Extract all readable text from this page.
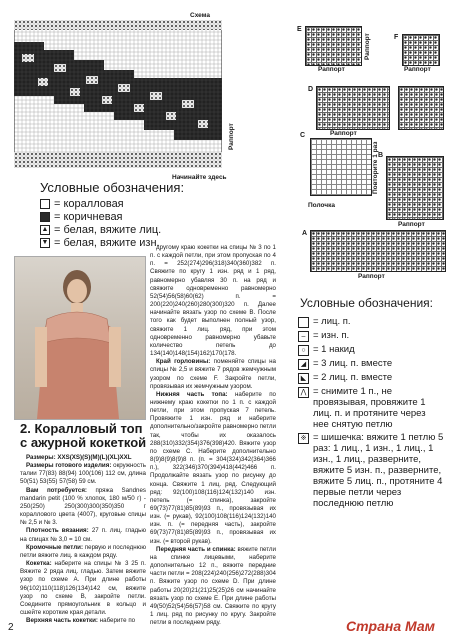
Схема
Раппорт
Начинайте здесь
E
Раппорт
Раппорт
F
Раппорт
D
Раппорт
C
Повторите 1 раз
Полочка
B
Раппорт
A
Раппорт
Условные обозначения:
= коралловая
= коричневая
▲ = белая, вяжите лиц.
▼ = белая, вяжите изн.
2. Коралловый топ
с ажурной кокеткой

Размеры: XXS(XS)(S)(M)(L)(XL)XXL

Размеры готового изделия: окружность талии 77(83) 88(94) 100(106) 112 см, длина 50(51) 53(55) 57(58) 59 см.

Вам потребуется: пряжа Sandnes mandarin petit (100 % хлопок, 180 м/50 г) - 250(250) 250(300)300(350)350 г кораллового цвета (4007), круговые спицы № 2,5 и № 3.

Плотность вязания: 27 п. лиц. гладью на спицах № 3,0 = 10 см.

Кромочные петли: первую и последнюю петли вяжите лиц. в каждом ряду.

Кокетка: наберите на спицы № 3 25 п. Вяжите 2 ряда лиц. гладью. Затем вяжите узор по схеме A. При длине работы 96(102)110(118)126(134)142 см, вяжите узор по схеме B, закройте петли. Соедините прямоугольник в кольцо и сшейте короткие края детали.

Верхняя часть кокетки: наберите по

другому краю кокетки на спицы № 3 по 1 п. с каждой петли, при этом пропуская по 4 п. = 252(274)296(318)340(360)382 п. Свяжите по кругу 1 изн. ряд и 1 ряд, равномерно убавляя 30 п. на ряд и свяжите одновременно равномерно 52(54)56(58)60(62) п. = 200(220)240(260)280(300)320 п. Далее начинайте вязать узор по схеме B. После того как будет выполнен полный узор, свяжите 1 лиц. ряд, при этом одновременно равномерно убавьте количество петель до 134(140)148(154)162)170(178.

Край горловины: поменяйте спицы на спицы № 2,5 и вяжите 7 рядов жемчужным узором по схеме F. Закройте петли, провязывая их жемчужным узором.

Нижняя часть топа: наберите по нижнему краю кокетки по 1 п. с каждой петли, при этом пропуская 7 петель. Провяжите 1 изн. ряд и наберите дополнительно/закройте равномерно петли так, чтобы их оказалось 288(310)332(354)376(398)420. Вяжите узор по схеме C. Наберите дополнительно 8(9)8(9)8(9)8 п. (п. = 304(324)342(364)366 п.), 322(346)370(394)418(442)466 п. Продолжайте вязать узор по рисунку до конца. Свяжите 1 лиц. ряд. Следующий ряд: 92(100)108(116)124(132)140 изн. петель (= спинка), закройте 69(73)77(81)85(89)93 п., провязывая их изн. (= рукав), 92(100)108(116)124(132)140 изн. п. (= передняя часть), закройте 69(73)77(81)85(89)93 п., провязывая их изн. (= второй рукав).

Передняя часть и спинка: вяжите петли на спинке лицевыми, наберите дополнительно 12 п., вяжите передние части петли = 208(224)240(256)272(288)304 п. Вяжите узор по схеме D. При длине работы 20(20)21(21)25(25)26 см начинайте вязать узор по схеме E. При длине работы 49(50)52(54)56(57)58 см. Свяжите по кругу 1 лиц. ряд по рисунку по кругу. Закройте петли в последнем ряду.

Условные обозначения:
= лиц. п.
– = изн. п.
○ = 1 накид
◢ = 3 лиц. п. вместе
◣ = 2 лиц. п. вместе
⋀ = снимите 1 п., не провязывая, провяжите 1 лиц. п. и протяните через нее снятую петлю
※ = шишечка: вяжите 1 петлю 5 раз: 1 лиц., 1 изн., 1 лиц., 1 изн., 1 лиц., разверните, вяжите 5 изн. п., разверните, вяжите 5 лиц. п., протяните 4 первые петли через последнюю петлю
2	Страна Мам
